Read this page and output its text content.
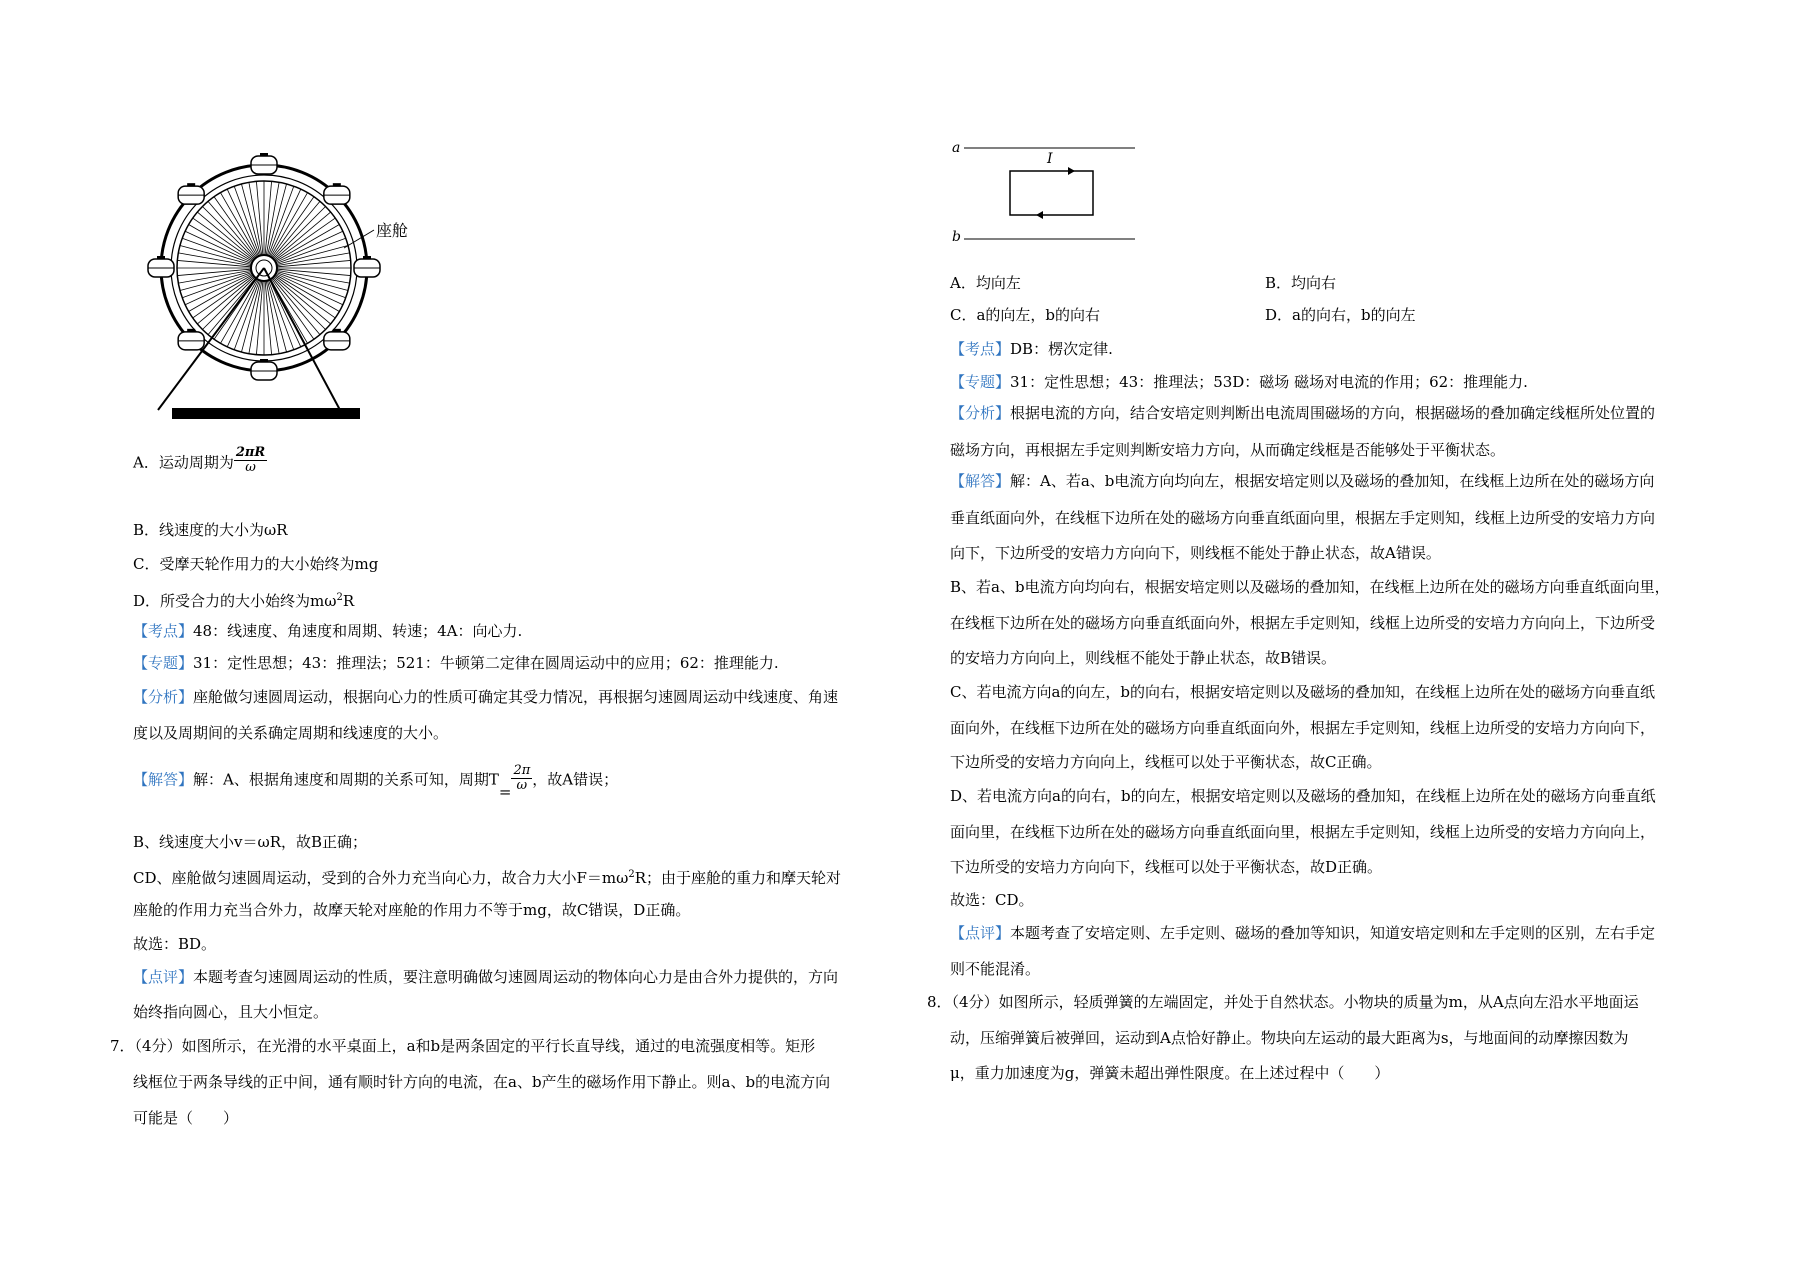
座舱
A．运动周期为 $\frac{2\pi R}{\omega}$
B．线速度的大小为ωR
C．受摩天轮作用力的大小始终为mg
D．所受合力的大小始终为$m\omega^2R$
【考点】48：线速度、角速度和周期、转速；4A：向心力.
【专题】31：定性思想；43：推理法；521：牛顿第二定律在圆周运动中的应用；62：推理能力.
【分析】座舱做匀速圆周运动，根据向心力的性质可确定其受力情况，再根据匀速圆周运动中线速度、角速
度以及周期间的关系确定周期和线速度的大小。
【解答】解：A、根据角速度和周期的关系可知，周期$T= \frac{2\pi}{\omega}$ ，故A错误；
B、线速度大小v＝ωR，故B正确；
CD、座舱做匀速圆周运动，受到的合外力充当向心力，故合力大小$F=m\omega^2R$；由于座舱的重力和摩天轮对
座舱的作用力充当合外力，故摩天轮对座舱的作用力不等于mg，故C错误，D正确。
故选：BD。
【点评】本题考查匀速圆周运动的性质，要注意明确做匀速圆周运动的物体向心力是由合外力提供的，方向
始终指向圆心，且大小恒定。
7．（4分）如图所示，在光滑的水平桌面上，a和b是两条固定的平行长直导线，通过的电流强度相等。矩形
线框位于两条导线的正中间，通有顺时针方向的电流，在a、b产生的磁场作用下静止。则a、b的电流方向
可能是（　　）
a
I
b
A．均向左	B．均向右
C．a的向左，b的向右	D．a的向右，b的向左
【考点】DB：楞次定律.
【专题】31：定性思想；43：推理法；53D：磁场 磁场对电流的作用；62：推理能力.
【分析】根据电流的方向，结合安培定则判断出电流周围磁场的方向，根据磁场的叠加确定线框所处位置的
磁场方向，再根据左手定则判断安培力方向，从而确定线框是否能够处于平衡状态。
【解答】解：A、若a、b电流方向均向左，根据安培定则以及磁场的叠加知，在线框上边所在处的磁场方向
垂直纸面向外，在线框下边所在处的磁场方向垂直纸面向里，根据左手定则知，线框上边所受的安培力方向
向下，下边所受的安培力方向向下，则线框不能处于静止状态，故A错误。
B、若a、b电流方向均向右，根据安培定则以及磁场的叠加知，在线框上边所在处的磁场方向垂直纸面向里，
在线框下边所在处的磁场方向垂直纸面向外，根据左手定则知，线框上边所受的安培力方向向上，下边所受
的安培力方向向上，则线框不能处于静止状态，故B错误。
C、若电流方向a的向左，b的向右，根据安培定则以及磁场的叠加知，在线框上边所在处的磁场方向垂直纸
面向外，在线框下边所在处的磁场方向垂直纸面向外，根据左手定则知，线框上边所受的安培力方向向下，
下边所受的安培力方向向上，线框可以处于平衡状态，故C正确。
D、若电流方向a的向右，b的向左，根据安培定则以及磁场的叠加知，在线框上边所在处的磁场方向垂直纸
面向里，在线框下边所在处的磁场方向垂直纸面向里，根据左手定则知，线框上边所受的安培力方向向上，
下边所受的安培力方向向下，线框可以处于平衡状态，故D正确。
故选：CD。
【点评】本题考查了安培定则、左手定则、磁场的叠加等知识，知道安培定则和左手定则的区别，左右手定
则不能混淆。
8．（4分）如图所示，轻质弹簧的左端固定，并处于自然状态。小物块的质量为m，从A点向左沿水平地面运
动，压缩弹簧后被弹回，运动到A点恰好静止。物块向左运动的最大距离为s，与地面间的动摩擦因数为
μ，重力加速度为g，弹簧未超出弹性限度。在上述过程中（　　）
